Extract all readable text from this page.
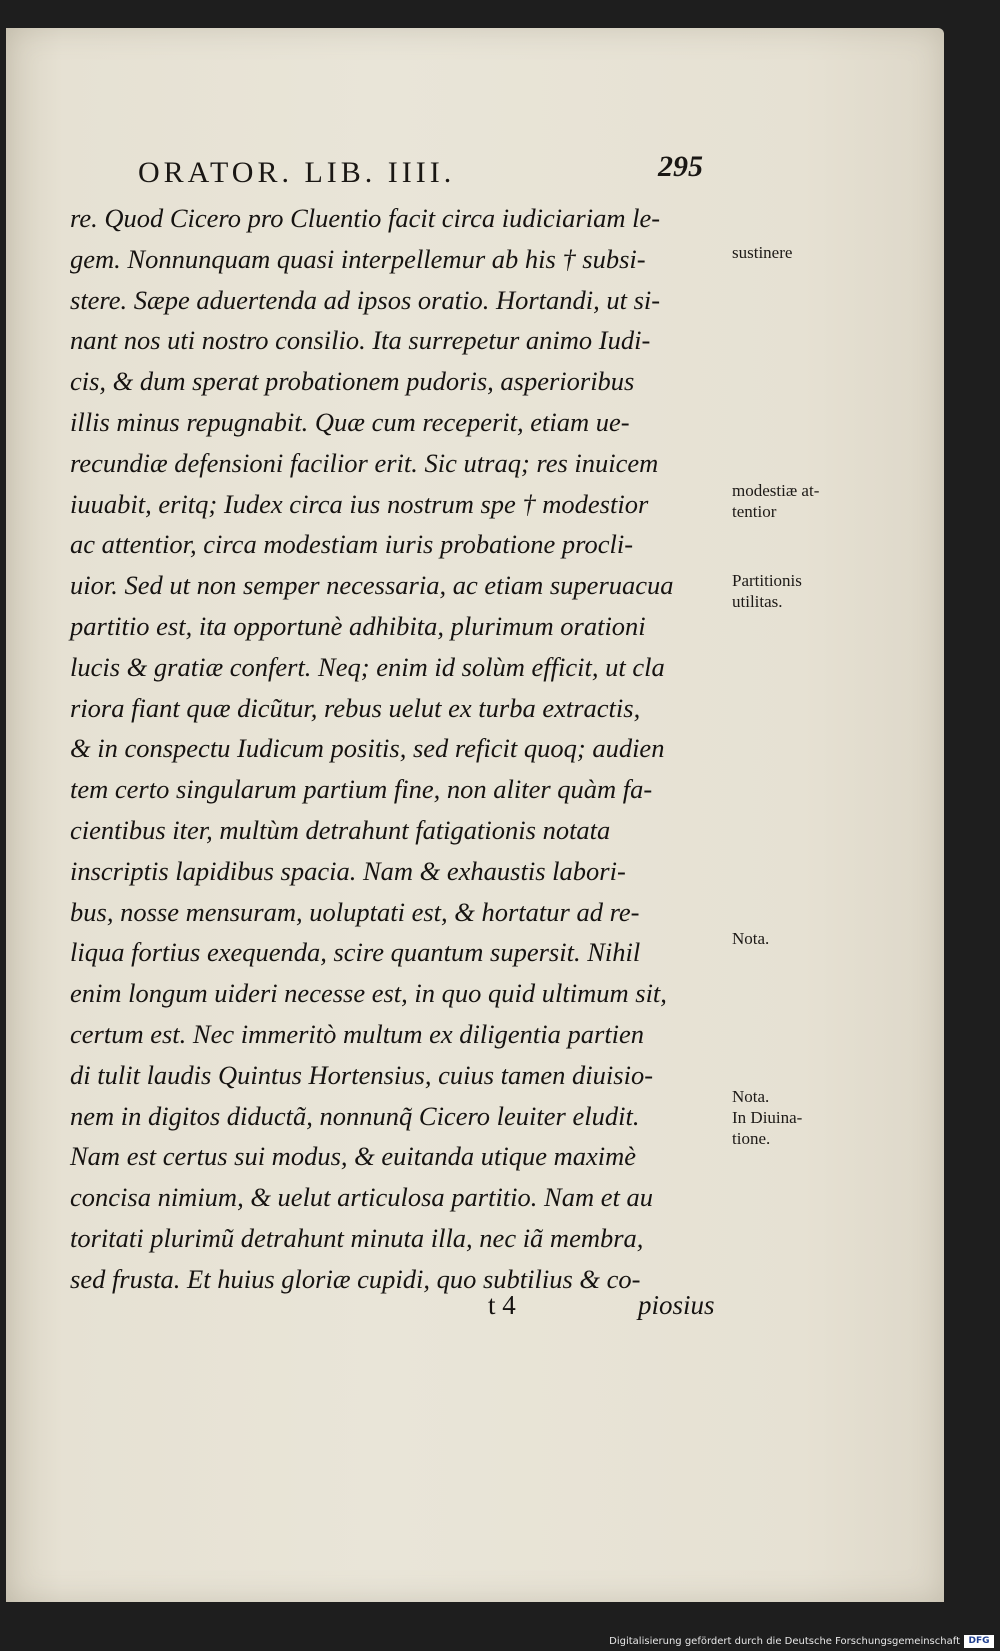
ORATOR. LIB. IIII.	295
re. Quod Cicero pro Cluentio facit circa iudiciariam le-
gem. Nonnunquam quasi interpellemur ab his † subsi-
stere. Sæpe aduertenda ad ipsos oratio. Hortandi, ut si-
nant nos uti nostro consilio. Ita surrepetur animo Iudi-
cis, & dum sperat probationem pudoris, asperioribus
illis minus repugnabit. Quæ cum receperit, etiam ue-
recundiæ defensioni facilior erit. Sic utraq; res inuicem
iuuabit, eritq; Iudex circa ius nostrum spe † modestior
ac attentior, circa modestiam iuris probatione procli-
uior. Sed ut non semper necessaria, ac etiam superuacua
partitio est, ita opportunè adhibita, plurimum orationi
lucis & gratiæ confert. Neq; enim id solùm efficit, ut cla
riora fiant quæ dicũtur, rebus uelut ex turba extractis,
& in conspectu Iudicum positis, sed reficit quoq; audien
tem certo singularum partium fine, non aliter quàm fa-
cientibus iter, multùm detrahunt fatigationis notata
inscriptis lapidibus spacia. Nam & exhaustis labori-
bus, nosse mensuram, uoluptati est, & hortatur ad re-
liqua fortius exequenda, scire quantum supersit. Nihil
enim longum uideri necesse est, in quo quid ultimum sit,
certum est. Nec immeritò multum ex diligentia partien
di tulit laudis Quintus Hortensius, cuius tamen diuisio-
nem in digitos diductã, nonnunq̃ Cicero leuiter eludit.
Nam est certus sui modus, & euitanda utique maximè
concisa nimium, & uelut articulosa partitio. Nam et au
toritati plurimũ detrahunt minuta illa, nec iã membra,
sed frusta. Et huius gloriæ cupidi, quo subtilius & co-
t 4	piosius
sustinere
modestiæ at-
tentior
Partitionis
utilitas.
Nota.
Nota.
In Diuina-
tione.
Digitalisierung gefördert durch die Deutsche Forschungsgemeinschaft DFG
